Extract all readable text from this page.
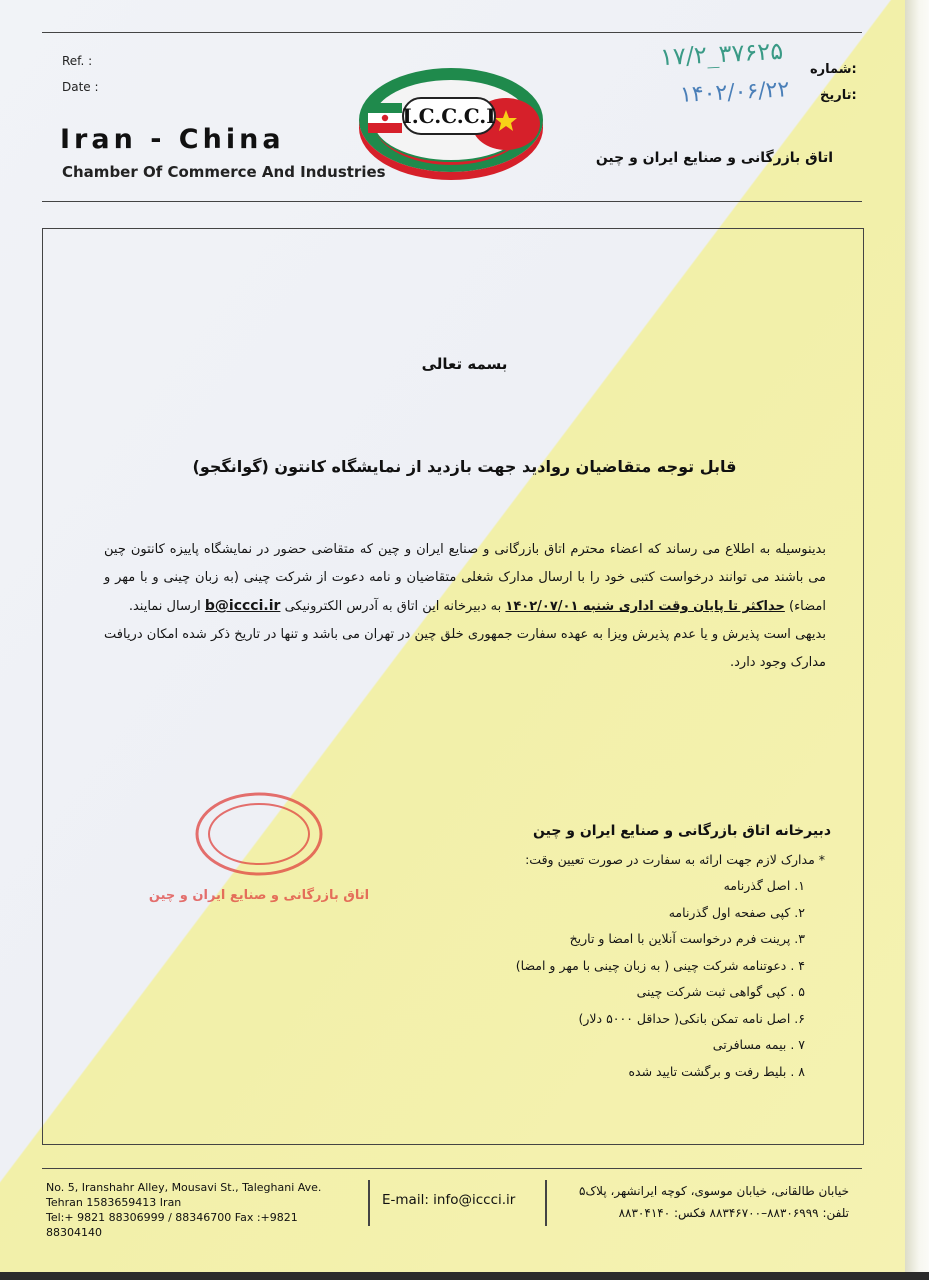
Ref. :
Date :
Iran - China
Chamber Of Commerce And Industries
I.C.C.C.I
۱۷/۲_۳۷۶۲۵
۱۴۰۲/۰۶/۲۲
:شماره
:تاریخ
اتاق بازرگانی و صنایع ایران و چین
بسمه تعالی
قابل توجه متقاضیان روادید جهت بازدید از نمایشگاه کانتون (گوانگجو)

بدینوسیله به اطلاع می رساند که اعضاء محترم اتاق بازرگانی و صنایع ایران و چین که متقاضی حضور در نمایشگاه پاییزه کانتون چین می باشند می توانند درخواست کتبی خود را با ارسال مدارک شغلی متقاضیان و نامه دعوت از شرکت چینی (به زبان چینی و با مهر و امضاء) حداکثر تا پایان وقت اداری شنبه ۱۴۰۲/۰۷/۰۱ به دبیرخانه این اتاق به آدرس الکترونیکی b@iccci.ir ارسال نمایند.

بدیهی است پذیرش و یا عدم پذیرش ویزا به عهده سفارت جمهوری خلق چین در تهران می باشد و تنها در تاریخ ذکر شده امکان دریافت مدارک وجود دارد.

اتاق بازرگانی و صنایع ایران و چین
دبیرخانه اتاق بازرگانی و صنایع ایران و چین
* مدارک لازم جهت ارائه به سفارت در صورت تعیین وقت:
۱. اصل گذرنامه
۲. کپی صفحه اول گذرنامه
۳. پرینت فرم درخواست آنلاین با امضا و تاریخ
۴ . دعوتنامه شرکت چینی ( به زبان چینی با مهر و امضا)
۵ . کپی گواهی ثبت شرکت چینی
۶. اصل نامه تمکن بانکی( حداقل ۵۰۰۰ دلار)
۷ . بیمه مسافرتی
۸ . بلیط رفت و برگشت تایید شده
No. 5, Iranshahr Alley, Mousavi St., Taleghani Ave.
Tehran 1583659413 Iran
Tel:+ 9821 88306999 / 88346700 Fax :+9821 88304140
E-mail: info@iccci.ir
خیابان طالقانی، خیابان موسوی، کوچه ایرانشهر، پلاک۵
تلفن: ۸۸۳۰۶۹۹۹–۸۸۳۴۶۷۰۰ فکس: ۸۸۳۰۴۱۴۰
